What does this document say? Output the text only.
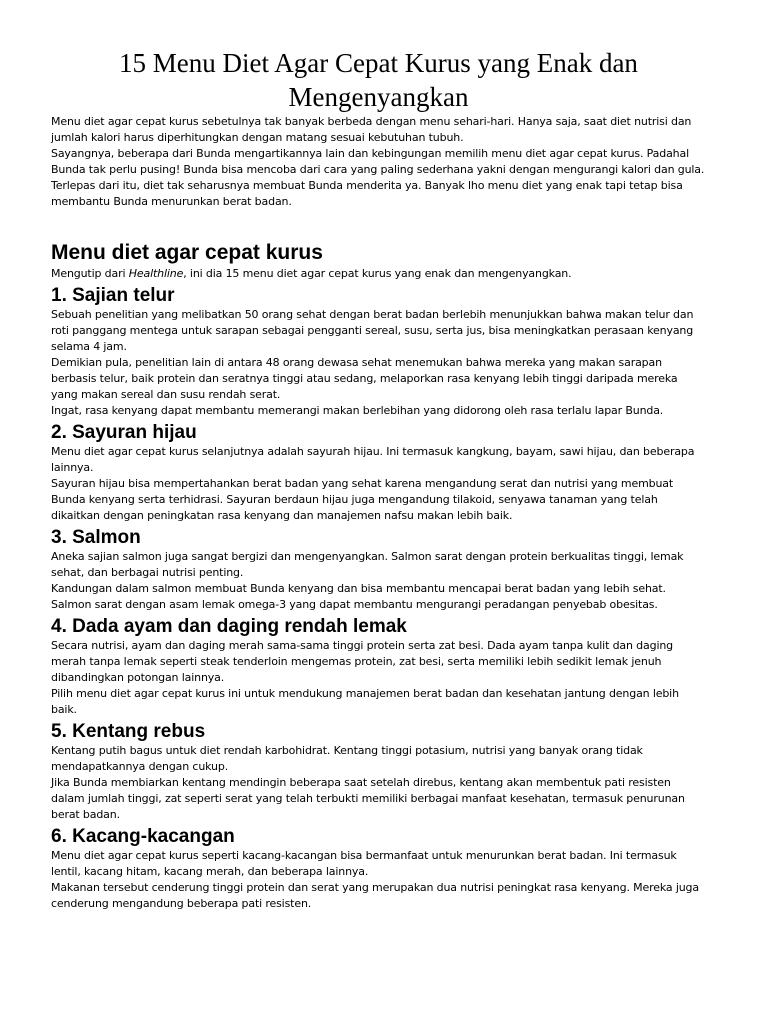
15 Menu Diet Agar Cepat Kurus yang Enak dan Mengenyangkan

Menu diet agar cepat kurus sebetulnya tak banyak berbeda dengan menu sehari-hari. Hanya saja, saat diet nutrisi dan jumlah kalori harus diperhitungkan dengan matang sesuai kebutuhan tubuh.

Sayangnya, beberapa dari Bunda mengartikannya lain dan kebingungan memilih menu diet agar cepat kurus. Padahal Bunda tak perlu pusing! Bunda bisa mencoba dari cara yang paling sederhana yakni dengan mengurangi kalori dan gula.

Terlepas dari itu, diet tak seharusnya membuat Bunda menderita ya. Banyak lho menu diet yang enak tapi tetap bisa membantu Bunda menurunkan berat badan.

Menu diet agar cepat kurus

Mengutip dari Healthline, ini dia 15 menu diet agar cepat kurus yang enak dan mengenyangkan.

1. Sajian telur

Sebuah penelitian yang melibatkan 50 orang sehat dengan berat badan berlebih menunjukkan bahwa makan telur dan roti panggang mentega untuk sarapan sebagai pengganti sereal, susu, serta jus, bisa meningkatkan perasaan kenyang selama 4 jam.

Demikian pula, penelitian lain di antara 48 orang dewasa sehat menemukan bahwa mereka yang makan sarapan berbasis telur, baik protein dan seratnya tinggi atau sedang, melaporkan rasa kenyang lebih tinggi daripada mereka yang makan sereal dan susu rendah serat.

Ingat, rasa kenyang dapat membantu memerangi makan berlebihan yang didorong oleh rasa terlalu lapar Bunda.

2. Sayuran hijau

Menu diet agar cepat kurus selanjutnya adalah sayurah hijau. Ini termasuk kangkung, bayam, sawi hijau, dan beberapa lainnya.

Sayuran hijau bisa mempertahankan berat badan yang sehat karena mengandung serat dan nutrisi yang membuat Bunda kenyang serta terhidrasi. Sayuran berdaun hijau juga mengandung tilakoid, senyawa tanaman yang telah dikaitkan dengan peningkatan rasa kenyang dan manajemen nafsu makan lebih baik.

3. Salmon

Aneka sajian salmon juga sangat bergizi dan mengenyangkan. Salmon sarat dengan protein berkualitas tinggi, lemak sehat, dan berbagai nutrisi penting.

Kandungan dalam salmon membuat Bunda kenyang dan bisa membantu mencapai berat badan yang lebih sehat. Salmon sarat dengan asam lemak omega-3 yang dapat membantu mengurangi peradangan penyebab obesitas.

4. Dada ayam dan daging rendah lemak

Secara nutrisi, ayam dan daging merah sama-sama tinggi protein serta zat besi. Dada ayam tanpa kulit dan daging merah tanpa lemak seperti steak tenderloin mengemas protein, zat besi, serta memiliki lebih sedikit lemak jenuh dibandingkan potongan lainnya.

Pilih menu diet agar cepat kurus ini untuk mendukung manajemen berat badan dan kesehatan jantung dengan lebih baik.

5. Kentang rebus

Kentang putih bagus untuk diet rendah karbohidrat. Kentang tinggi potasium, nutrisi yang banyak orang tidak mendapatkannya dengan cukup.

Jika Bunda membiarkan kentang mendingin beberapa saat setelah direbus, kentang akan membentuk pati resisten dalam jumlah tinggi, zat seperti serat yang telah terbukti memiliki berbagai manfaat kesehatan, termasuk penurunan berat badan.

6. Kacang-kacangan

Menu diet agar cepat kurus seperti kacang-kacangan bisa bermanfaat untuk menurunkan berat badan. Ini termasuk lentil, kacang hitam, kacang merah, dan beberapa lainnya.

Makanan tersebut cenderung tinggi protein dan serat yang merupakan dua nutrisi peningkat rasa kenyang. Mereka juga cenderung mengandung beberapa pati resisten.
